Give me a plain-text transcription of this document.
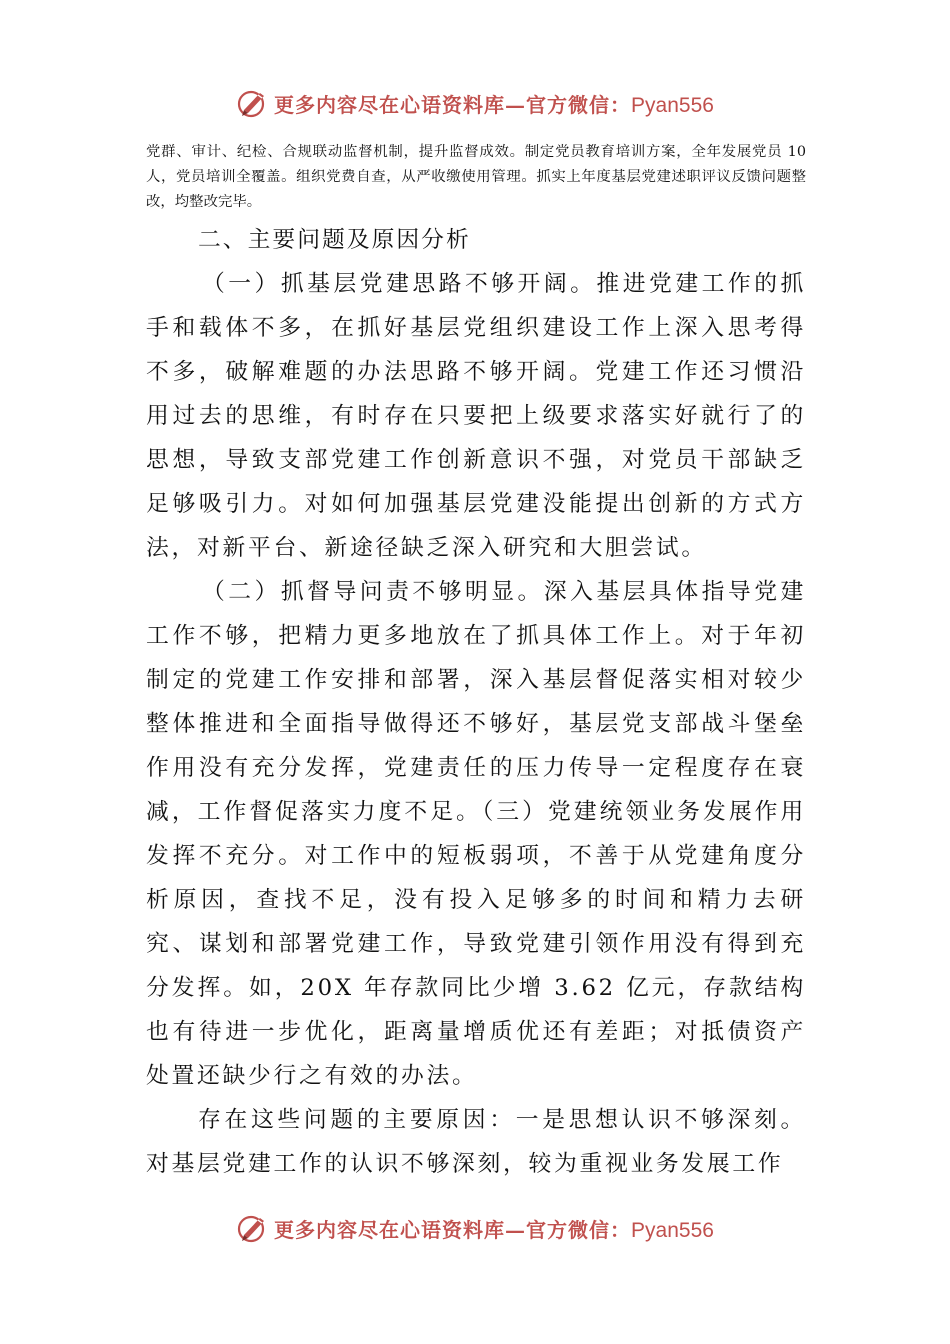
更多内容尽在心语资料库—官方微信：Pyan556

党群、审计、纪检、合规联动监督机制，提升监督成效。制定党员教育培训方案，全年发展党员 10 人，党员培训全覆盖。组织党费自查，从严收缴使用管理。抓实上年度基层党建述职评议反馈问题整改，均整改完毕。

二、主要问题及原因分析

（一）抓基层党建思路不够开阔。推进党建工作的抓手和载体不多，在抓好基层党组织建设工作上深入思考得不多，破解难题的办法思路不够开阔。党建工作还习惯沿用过去的思维，有时存在只要把上级要求落实好就行了的思想，导致支部党建工作创新意识不强，对党员干部缺乏足够吸引力。对如何加强基层党建没能提出创新的方式方法，对新平台、新途径缺乏深入研究和大胆尝试。

（二）抓督导问责不够明显。深入基层具体指导党建工作不够，把精力更多地放在了抓具体工作上。对于年初制定的党建工作安排和部署，深入基层督促落实相对较少整体推进和全面指导做得还不够好，基层党支部战斗堡垒作用没有充分发挥，党建责任的压力传导一定程度存在衰减，工作督促落实力度不足。（三）党建统领业务发展作用发挥不充分。对工作中的短板弱项，不善于从党建角度分析原因，查找不足，没有投入足够多的时间和精力去研究、谋划和部署党建工作，导致党建引领作用没有得到充分发挥。如，20X 年存款同比少增 3.62 亿元，存款结构也有待进一步优化，距离量增质优还有差距；对抵债资产处置还缺少行之有效的办法。

存在这些问题的主要原因：一是思想认识不够深刻。对基层党建工作的认识不够深刻，较为重视业务发展工作

更多内容尽在心语资料库—官方微信：Pyan556
